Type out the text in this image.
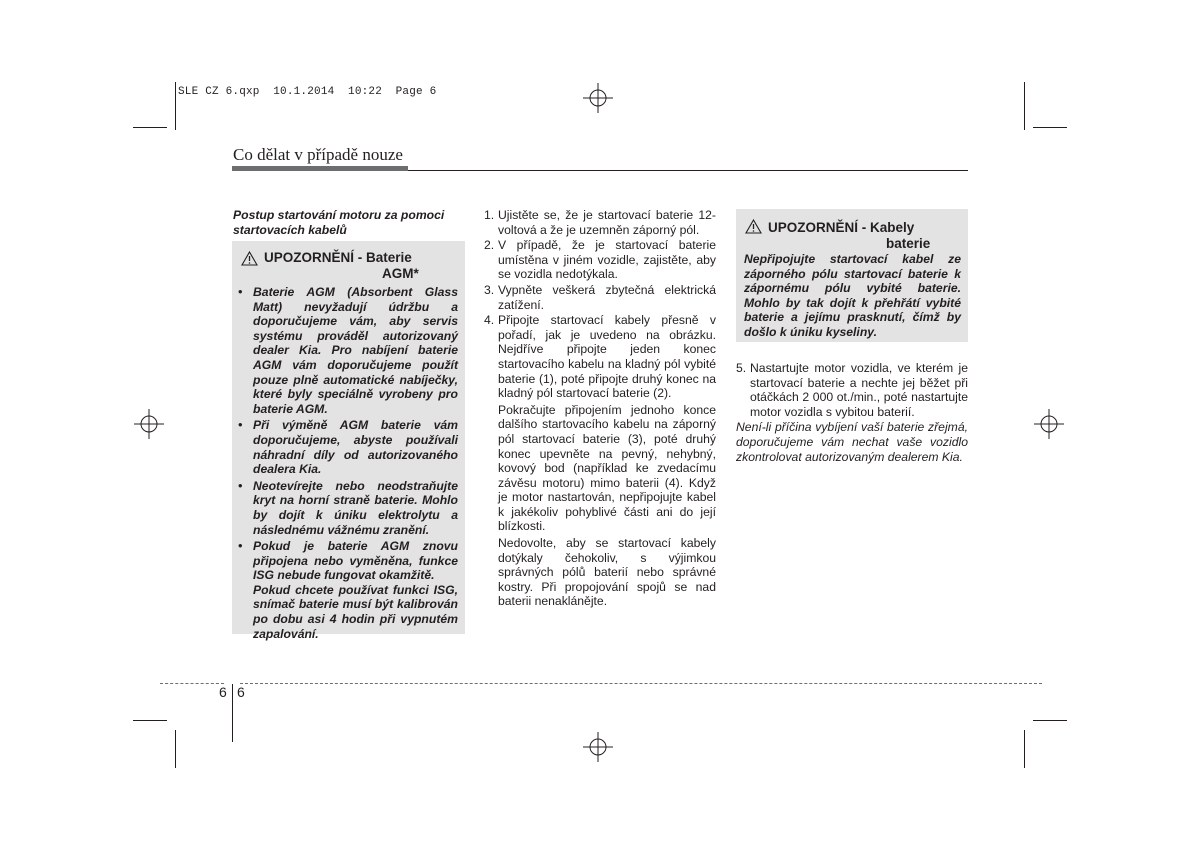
SLE CZ 6.qxp  10.1.2014  10:22  Page 6
Co dělat v případě nouze
Postup startování motoru za pomoci startovacích kabelů
UPOZORNĚNÍ - Baterie
AGM*
• Baterie AGM (Absorbent Glass Matt) nevyžadují údržbu a doporučujeme vám, aby servis systému prováděl autorizovaný dealer Kia. Pro nabíjení baterie AGM vám doporučujeme použít pouze plně automatické nabíječky, které byly speciálně vyrobeny pro baterie AGM.
• Při výměně AGM baterie vám doporučujeme, abyste používali náhradní díly od autorizovaného dealera Kia.
• Neotevírejte nebo neodstraňujte kryt na horní straně baterie. Mohlo by dojít k úniku elektrolytu a následnému vážnému zranění.
• Pokud je baterie AGM znovu připojena nebo vyměněna, funkce ISG nebude fungovat okamžitě.
Pokud chcete používat funkci ISG, snímač baterie musí být kalibrován po dobu asi 4 hodin při vypnutém zapalování.
1. Ujistěte se, že je startovací baterie 12-voltová a že je uzemněn záporný pól.
2. V případě, že je startovací baterie umístěna v jiném vozidle, zajistěte, aby se vozidla nedotýkala.
3. Vypněte veškerá zbytečná elektrická zatížení.
4. Připojte startovací kabely přesně v pořadí, jak je uvedeno na obrázku. Nejdříve připojte jeden konec startovacího kabelu na kladný pól vybité baterie (1), poté připojte druhý konec na kladný pól startovací baterie (2).
Pokračujte připojením jednoho konce dalšího startovacího kabelu na záporný pól startovací baterie (3), poté druhý konec upevněte na pevný, nehybný, kovový bod (například ke zvedacímu závěsu motoru) mimo baterii (4). Když je motor nastartován, nepřipojujte kabel k jakékoliv pohyblivé části ani do její blízkosti.
Nedovolte, aby se startovací kabely dotýkaly čehokoliv, s výjimkou správných pólů baterií nebo správné kostry. Při propojování spojů se nad baterii nenaklánějte.
UPOZORNĚNÍ - Kabely
baterie
Nepřipojujte startovací kabel ze záporného pólu startovací baterie k zápornému pólu vybité baterie. Mohlo by tak dojít k přehřátí vybité baterie a jejímu prasknutí, čímž by došlo k úniku kyseliny.
5. Nastartujte motor vozidla, ve kterém je startovací baterie a nechte jej běžet při otáčkách 2 000 ot./min., poté nastartujte motor vozidla s vybitou baterií.
Není-li příčina vybíjení vaší baterie zřejmá, doporučujeme vám nechat vaše vozidlo zkontrolovat autorizovaným dealerem Kia.
6 6
